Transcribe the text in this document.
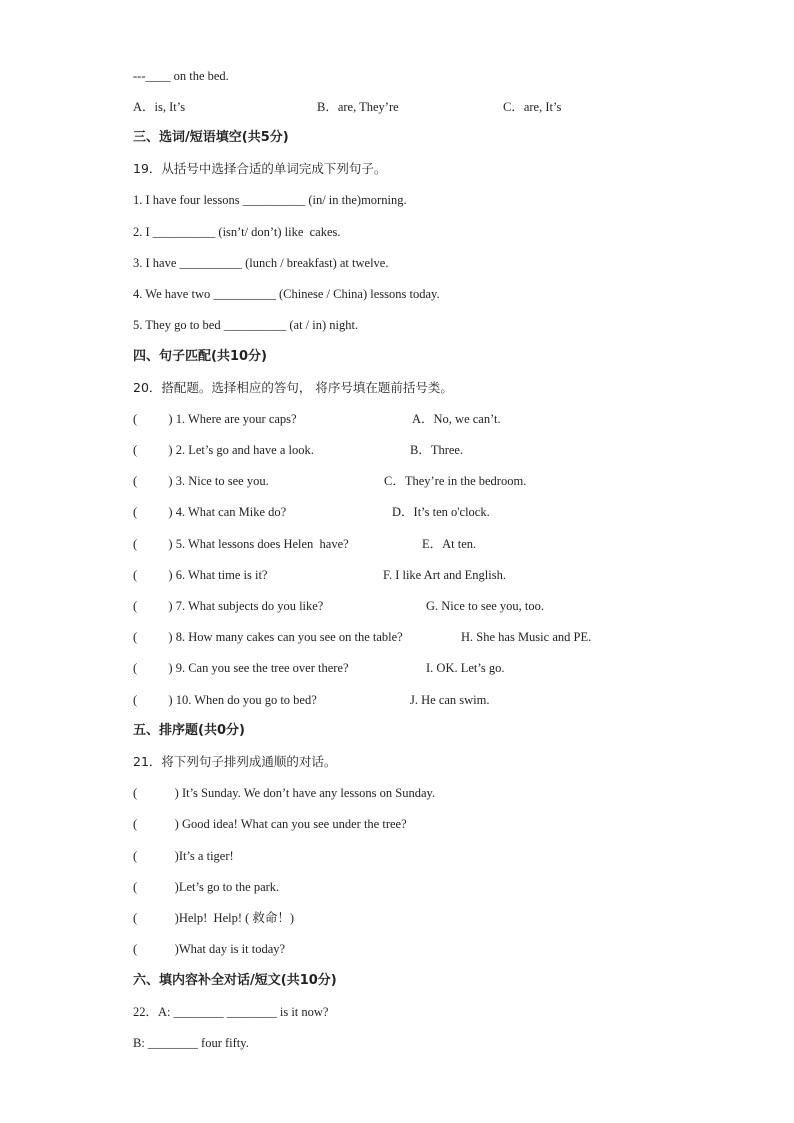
---____ on the bed.
A．is, It’s	B．are, They’re	C．are, It’s
三、选词/短语填空(共5分)
19．从括号中选择合适的单词完成下列句子。
1. I have four lessons __________ (in/ in the)morning.
2. I __________ (isn’t/ don’t) like  cakes.
3. I have __________ (lunch / breakfast) at twelve.
4. We have two __________ (Chinese / China) lessons today.
5. They go to bed __________ (at / in) night.
四、句子匹配(共10分)
20．搭配题。选择相应的答句， 将序号填在题前括号类。
(          ) 1. Where are your caps?	A．No, we can’t.
(          ) 2. Let’s go and have a look.	B．Three.
(          ) 3. Nice to see you.	C．They’re in the bedroom.
(          ) 4. What can Mike do?	D．It’s ten o'clock.
(          ) 5. What lessons does Helen  have?	E．At ten.
(          ) 6. What time is it?	F. I like Art and English.
(          ) 7. What subjects do you like?	G. Nice to see you, too.
(          ) 8. How many cakes can you see on the table?	H. She has Music and PE.
(          ) 9. Can you see the tree over there?	I. OK. Let’s go.
(          ) 10. When do you go to bed?	J. He can swim.
五、排序题(共0分)
21．将下列句子排列成通顺的对话。
(            ) It’s Sunday. We don’t have any lessons on Sunday.
(            ) Good idea! What can you see under the tree?
(            )It’s a tiger!
(            )Let’s go to the park.
(            )Help!  Help! ( 救命！)
(            )What day is it today?
六、填内容补全对话/短文(共10分)
22．A: ________ ________ is it now?
B: ________ four fifty.
